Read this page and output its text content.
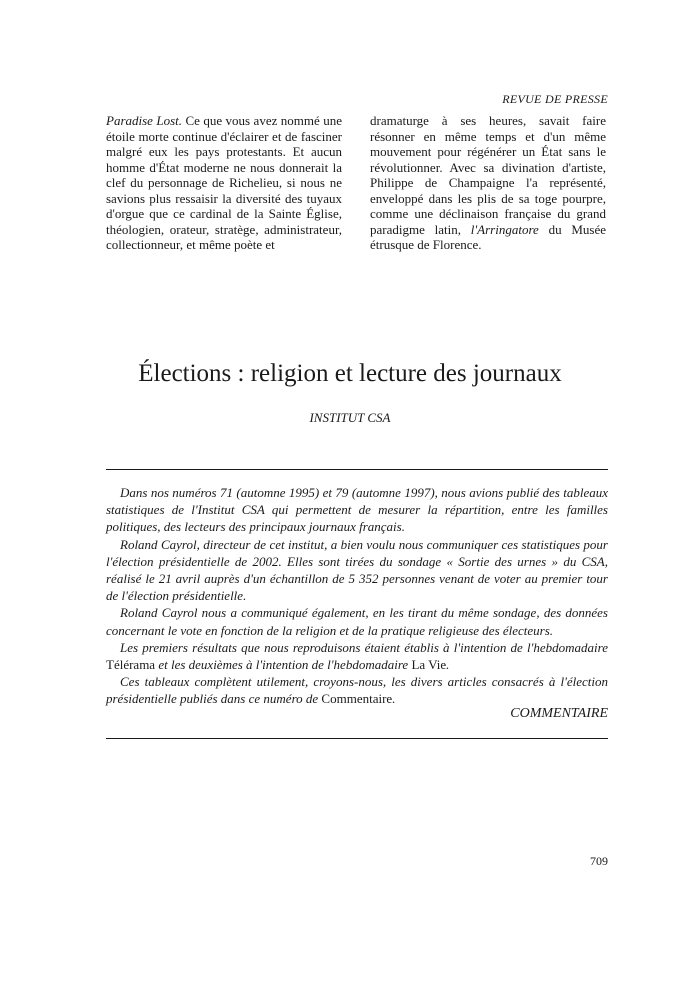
REVUE DE PRESSE

Paradise Lost. Ce que vous avez nommé une étoile morte continue d'éclairer et de fasciner malgré eux les pays protestants. Et aucun homme d'État moderne ne nous donnerait la clef du personnage de Richelieu, si nous ne savions plus ressaisir la diversité des tuyaux d'orgue que ce cardinal de la Sainte Église, théologien, orateur, stratège, administrateur, collectionneur, et même poète et

dramaturge à ses heures, savait faire résonner en même temps et d'un même mouvement pour régénérer un État sans le révolutionner. Avec sa divination d'artiste, Philippe de Champaigne l'a représenté, enveloppé dans les plis de sa toge pourpre, comme une déclinaison française du grand paradigme latin, l'Arringatore du Musée étrusque de Florence.

Élections : religion et lecture des journaux
INSTITUT CSA

Dans nos numéros 71 (automne 1995) et 79 (automne 1997), nous avions publié des tableaux statistiques de l'Institut CSA qui permettent de mesurer la répartition, entre les familles politiques, des lecteurs des principaux journaux français.

Roland Cayrol, directeur de cet institut, a bien voulu nous communiquer ces statistiques pour l'élection présidentielle de 2002. Elles sont tirées du sondage « Sortie des urnes » du CSA, réalisé le 21 avril auprès d'un échantillon de 5 352 personnes venant de voter au premier tour de l'élection présidentielle.

Roland Cayrol nous a communiqué également, en les tirant du même sondage, des données concernant le vote en fonction de la religion et de la pratique religieuse des électeurs.

Les premiers résultats que nous reproduisons étaient établis à l'intention de l'hebdomadaire Télérama et les deuxièmes à l'intention de l'hebdomadaire La Vie.

Ces tableaux complètent utilement, croyons-nous, les divers articles consacrés à l'élection présidentielle publiés dans ce numéro de Commentaire.

COMMENTAIRE
709
